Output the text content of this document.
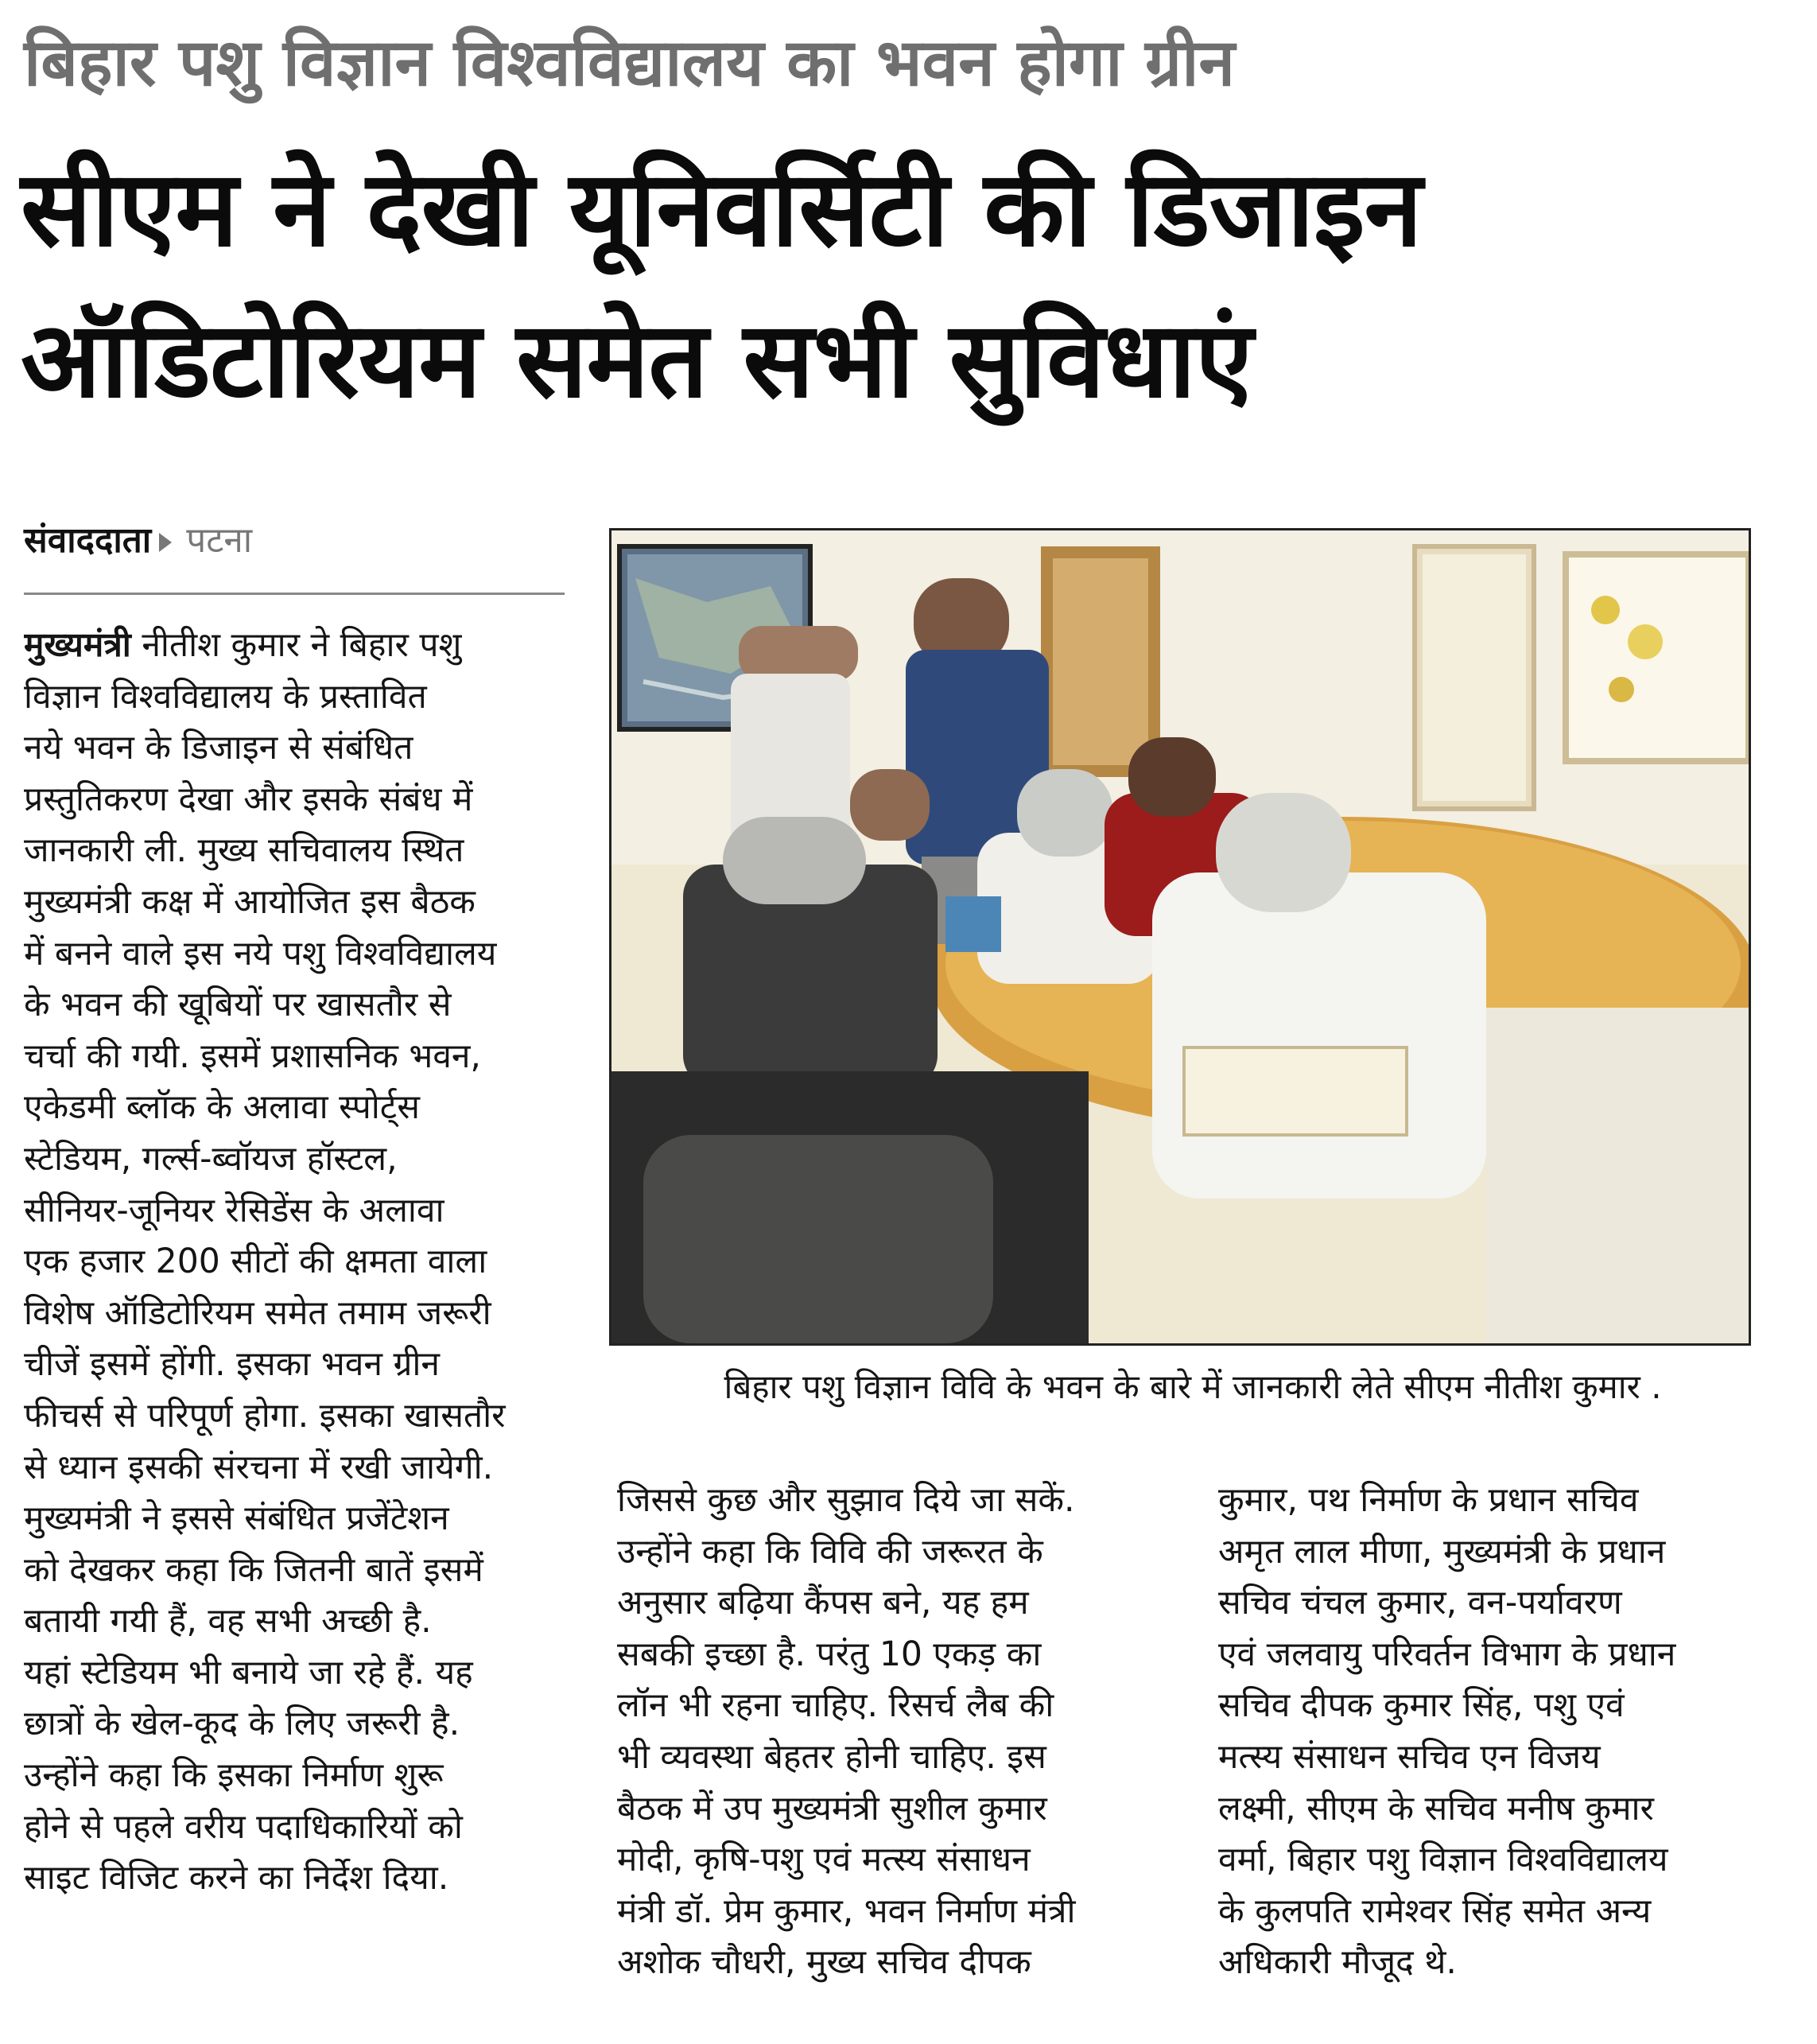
बिहार पशु विज्ञान विश्वविद्यालय का भवन होगा ग्रीन
सीएम ने देखी यूनिवर्सिटी की डिजाइन
ऑडिटोरियम समेत सभी सुविधाएं
संवाददाता पटना
मुख्यमंत्री नीतीश कुमार ने बिहार पशु
विज्ञान विश्वविद्यालय के प्रस्तावित
नये भवन के डिजाइन से संबंधित
प्रस्तुतिकरण देखा और इसके संबंध में
जानकारी ली. मुख्य सचिवालय स्थित
मुख्यमंत्री कक्ष में आयोजित इस बैठक
में बनने वाले इस नये पशु विश्वविद्यालय
के भवन की खूबियों पर खासतौर से
चर्चा की गयी. इसमें प्रशासनिक भवन,
एकेडमी ब्लॉक के अलावा स्पोर्ट्स
स्टेडियम, गर्ल्स-ब्वॉयज हॉस्टल,
सीनियर-जूनियर रेसिडेंस के अलावा
एक हजार 200 सीटों की क्षमता वाला
विशेष ऑडिटोरियम समेत तमाम जरूरी
चीजें इसमें होंगी. इसका भवन ग्रीन
फीचर्स से परिपूर्ण होगा. इसका खासतौर
से ध्यान इसकी संरचना में रखी जायेगी.
मुख्यमंत्री ने इससे संबंधित प्रजेंटेशन
को देखकर कहा कि जितनी बातें इसमें
बतायी गयी हैं, वह सभी अच्छी है.
यहां स्टेडियम भी बनाये जा रहे हैं. यह
छात्रों के खेल-कूद के लिए जरूरी है.
उन्होंने कहा कि इसका निर्माण शुरू
होने से पहले वरीय पदाधिकारियों को
साइट विजिट करने का निर्देश दिया.
बिहार पशु विज्ञान विवि के भवन के बारे में जानकारी लेते सीएम नीतीश कुमार .
जिससे कुछ और सुझाव दिये जा सकें.
उन्होंने कहा कि विवि की जरूरत के
अनुसार बढ़िया कैंपस बने, यह हम
सबकी इच्छा है. परंतु 10 एकड़ का
लॉन भी रहना चाहिए. रिसर्च लैब की
भी व्यवस्था बेहतर होनी चाहिए. इस
बैठक में उप मुख्यमंत्री सुशील कुमार
मोदी, कृषि-पशु एवं मत्स्य संसाधन
मंत्री डॉ. प्रेम कुमार, भवन निर्माण मंत्री
अशोक चौधरी, मुख्य सचिव दीपक
कुमार, पथ निर्माण के प्रधान सचिव
अमृत लाल मीणा, मुख्यमंत्री के प्रधान
सचिव चंचल कुमार, वन-पर्यावरण
एवं जलवायु परिवर्तन विभाग के प्रधान
सचिव दीपक कुमार सिंह, पशु एवं
मत्स्य संसाधन सचिव एन विजय
लक्ष्मी, सीएम के सचिव मनीष कुमार
वर्मा, बिहार पशु विज्ञान विश्वविद्यालय
के कुलपति रामेश्वर सिंह समेत अन्य
अधिकारी मौजूद थे.
